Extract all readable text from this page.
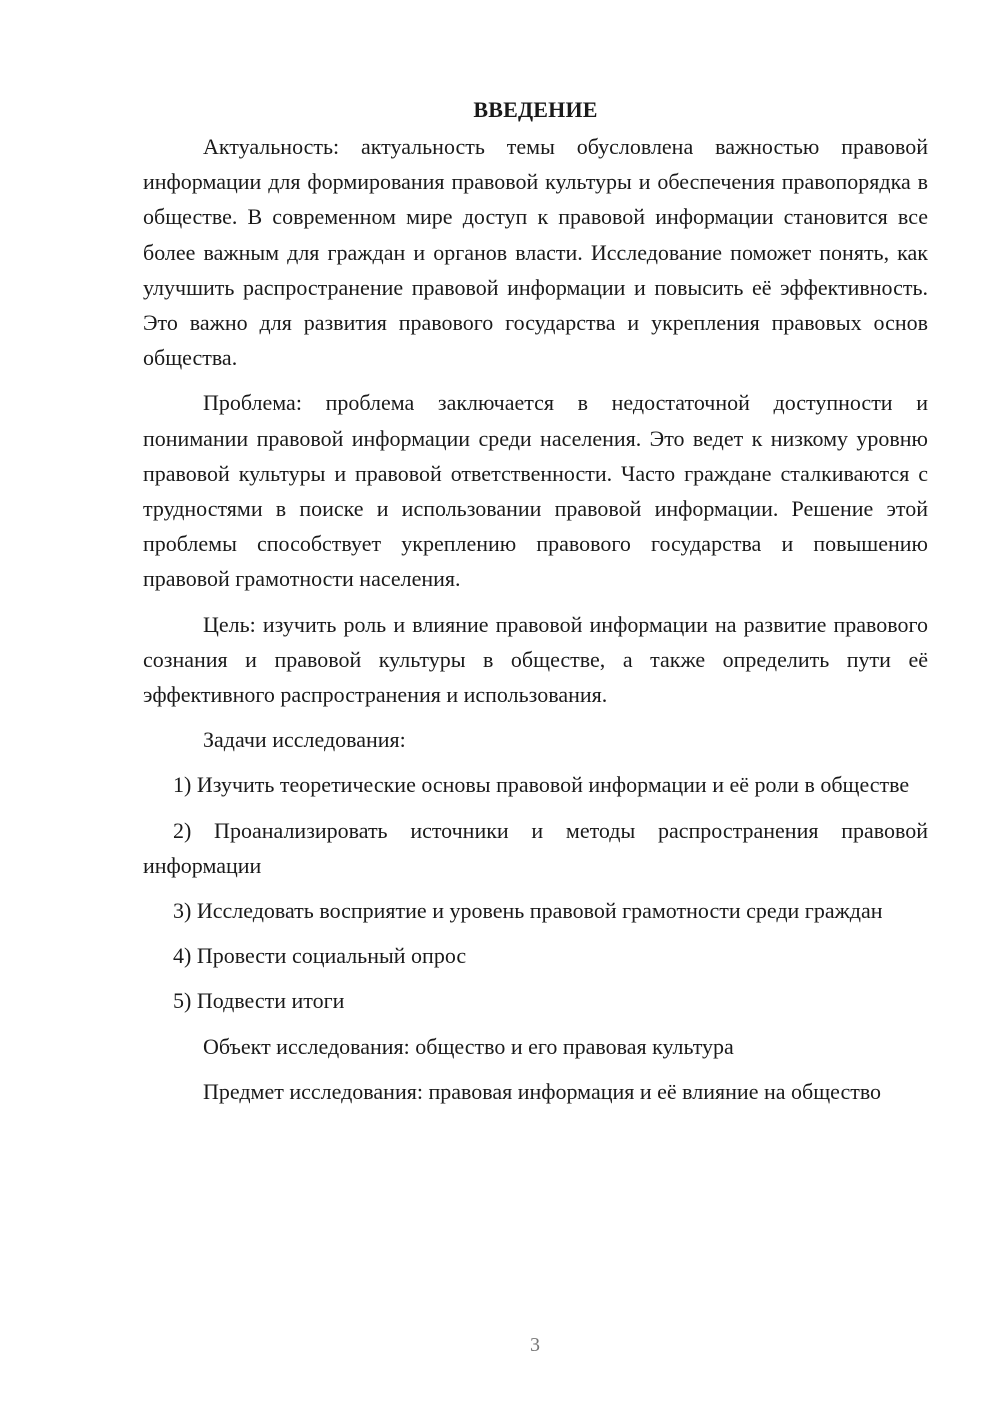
ВВЕДЕНИЕ

Актуальность: актуальность темы обусловлена важностью правовой информации для формирования правовой культуры и обеспечения правопорядка в обществе. В современном мире доступ к правовой информации становится все более важным для граждан и органов власти. Исследование поможет понять, как улучшить распространение правовой информации и повысить её эффективность. Это важно для развития правового государства и укрепления правовых основ общества.

Проблема: проблема заключается в недостаточной доступности и понимании правовой информации среди населения. Это ведет к низкому уровню правовой культуры и правовой ответственности. Часто граждане сталкиваются с трудностями в поиске и использовании правовой информации. Решение этой проблемы способствует укреплению правового государства и повышению правовой грамотности населения.

Цель: изучить роль и влияние правовой информации на развитие правового сознания и правовой культуры в обществе, а также определить пути её эффективного распространения и использования.

Задачи исследования:

1) Изучить теоретические основы правовой информации и её роли в обществе

2) Проанализировать источники и методы распространения правовой информации

3) Исследовать восприятие и уровень правовой грамотности среди граждан

4) Провести социальный опрос

5) Подвести итоги

Объект исследования: общество и его правовая культура

Предмет исследования: правовая информация и её влияние на общество

3
